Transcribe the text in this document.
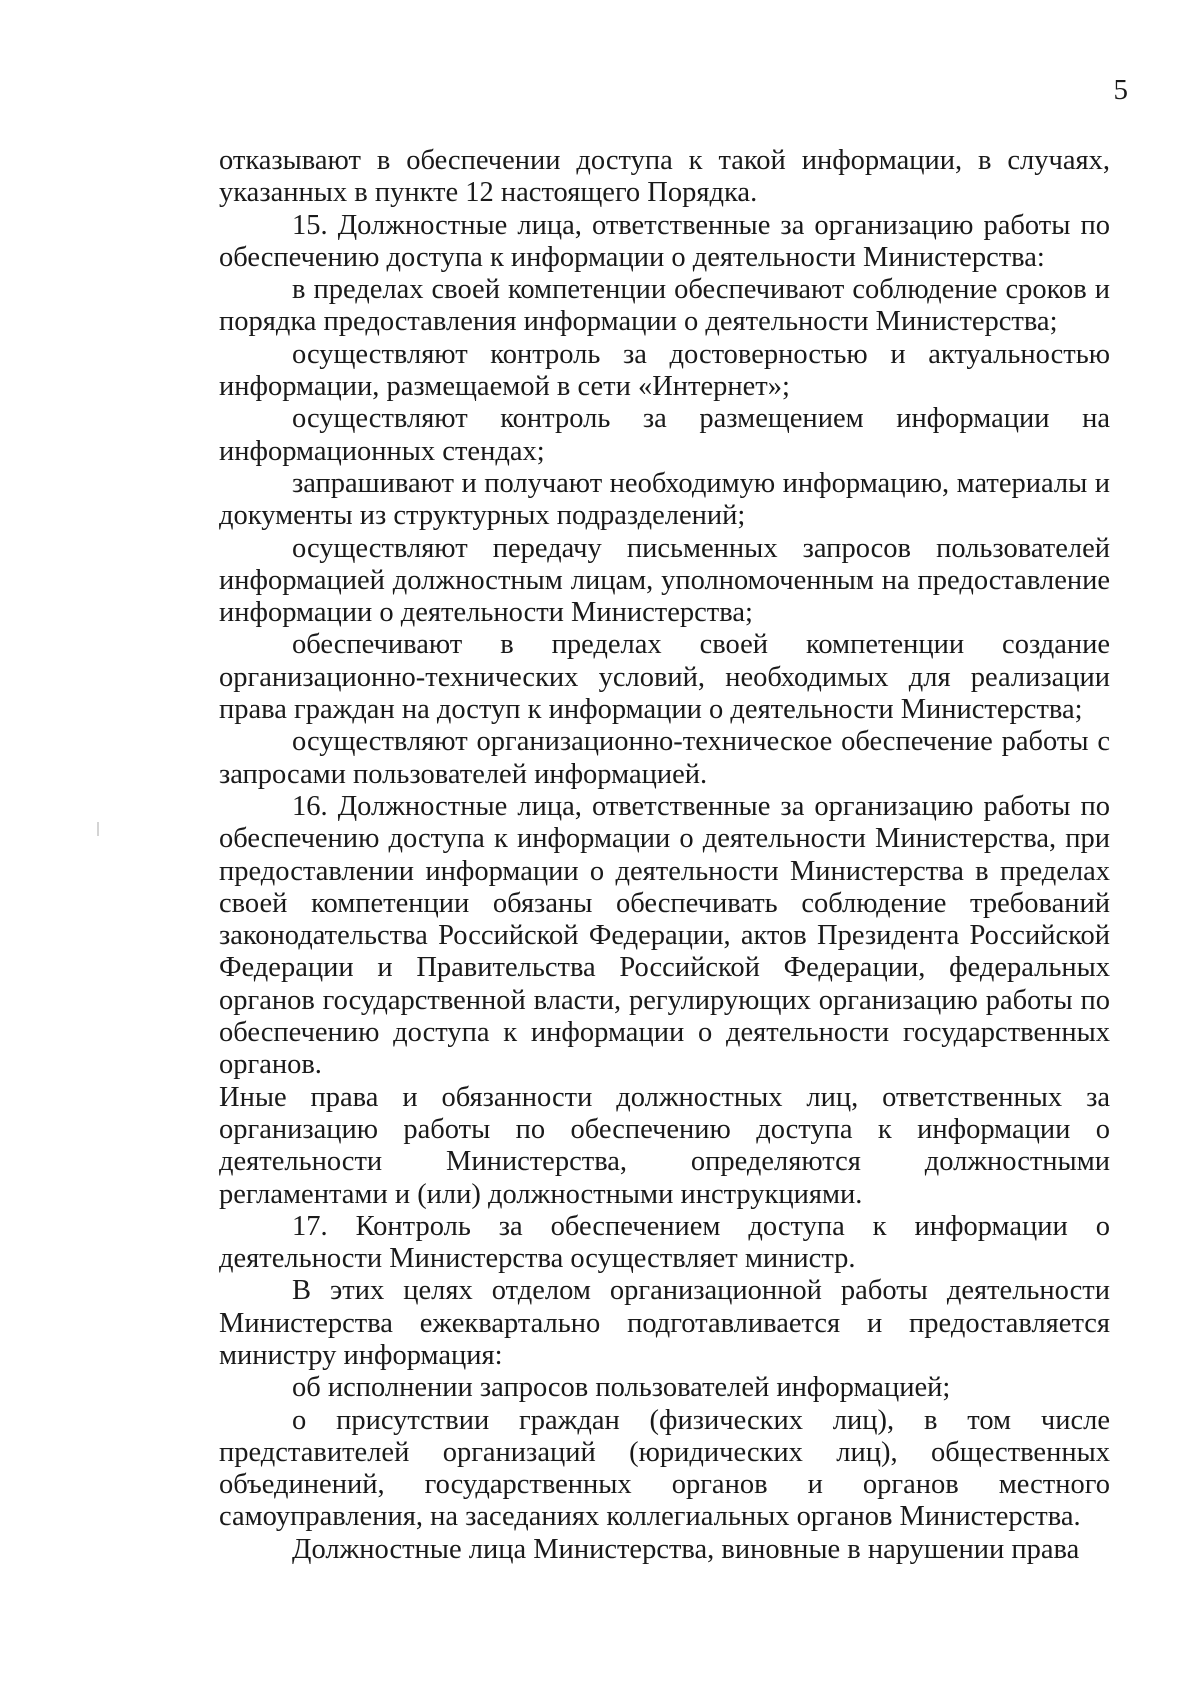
5

отказывают в обеспечении доступа к такой информации, в случаях, указанных в пункте 12 настоящего Порядка.

15. Должностные лица, ответственные за организацию работы по обеспечению доступа к информации о деятельности Министерства:

в пределах своей компетенции обеспечивают соблюдение сроков и порядка предоставления информации о деятельности Министерства;

осуществляют контроль за достоверностью и актуальностью информации, размещаемой в сети «Интернет»;

осуществляют контроль за размещением информации на информационных стендах;

запрашивают и получают необходимую информацию, материалы и документы из структурных подразделений;

осуществляют передачу письменных запросов пользователей информацией должностным лицам, уполномоченным на предоставление информации о деятельности Министерства;

обеспечивают в пределах своей компетенции создание организационно-технических условий, необходимых для реализации права граждан на доступ к информации о деятельности Министерства;

осуществляют организационно-техническое обеспечение работы с запросами пользователей информацией.

16. Должностные лица, ответственные за организацию работы по обеспечению доступа к информации о деятельности Министерства, при предоставлении информации о деятельности Министерства в пределах своей компетенции обязаны обеспечивать соблюдение требований законодательства Российской Федерации, актов Президента Российской Федерации и Правительства Российской Федерации, федеральных органов государственной власти, регулирующих организацию работы по обеспечению доступа к информации о деятельности государственных органов.

Иные права и обязанности должностных лиц, ответственных за организацию работы по обеспечению доступа к информации о деятельности Министерства, определяются должностными регламентами и (или) должностными инструкциями.

17. Контроль за обеспечением доступа к информации о деятельности Министерства осуществляет министр.

В этих целях отделом организационной работы деятельности Министерства ежеквартально подготавливается и предоставляется министру информация:

об исполнении запросов пользователей информацией;

о присутствии граждан (физических лиц), в том числе представителей организаций (юридических лиц), общественных объединений, государственных органов и органов местного самоуправления, на заседаниях коллегиальных органов Министерства.

Должностные лица Министерства, виновные в нарушении права
